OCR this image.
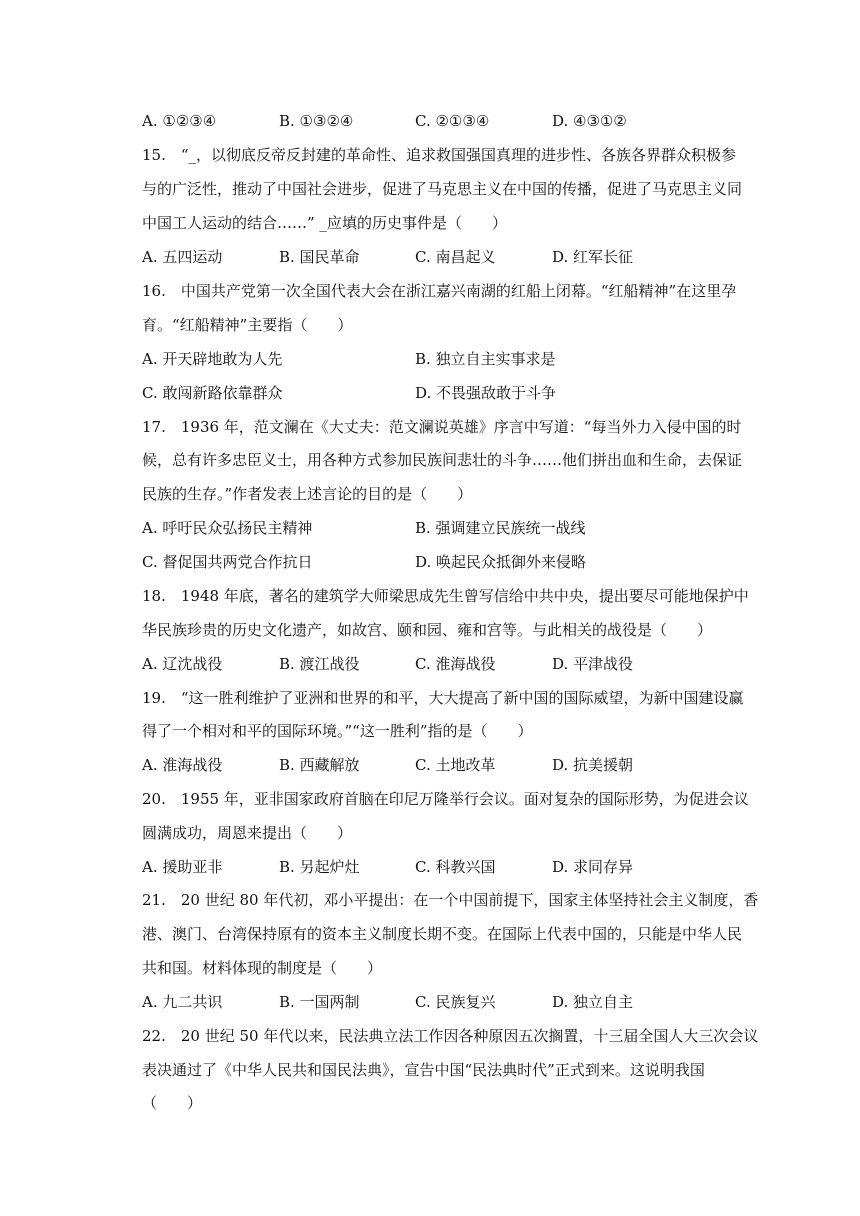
A. ①②③④	B. ①③②④	C. ②①③④	D. ④③①②
15.　“_，以彻底反帝反封建的革命性、追求救国强国真理的进步性、各族各界群众积极参
与的广泛性，推动了中国社会进步，促进了马克思主义在中国的传播，促进了马克思主义同
中国工人运动的结合……” _应填的历史事件是（　　）
A. 五四运动	B. 国民革命	C. 南昌起义	D. 红军长征
16.　中国共产党第一次全国代表大会在浙江嘉兴南湖的红船上闭幕。“红船精神”在这里孕
育。“红船精神”主要指（　　）
A. 开天辟地敢为人先	B. 独立自主实事求是
C. 敢闯新路依靠群众	D. 不畏强敌敢于斗争
17.　1936 年，范文澜在《大丈夫：范文澜说英雄》序言中写道：“每当外力入侵中国的时
候，总有许多忠臣义士，用各种方式参加民族间悲壮的斗争……他们拼出血和生命，去保证
民族的生存。”作者发表上述言论的目的是（　　）
A. 呼吁民众弘扬民主精神	B. 强调建立民族统一战线
C. 督促国共两党合作抗日	D. 唤起民众抵御外来侵略
18.　1948 年底，著名的建筑学大师梁思成先生曾写信给中共中央，提出要尽可能地保护中
华民族珍贵的历史文化遗产，如故宫、颐和园、雍和宫等。与此相关的战役是（　　）
A. 辽沈战役	B. 渡江战役	C. 淮海战役	D. 平津战役
19.　“这一胜利维护了亚洲和世界的和平，大大提高了新中国的国际威望，为新中国建设赢
得了一个相对和平的国际环境。”“这一胜利”指的是（　　）
A. 淮海战役	B. 西藏解放	C. 土地改革	D. 抗美援朝
20.　1955 年，亚非国家政府首脑在印尼万隆举行会议。面对复杂的国际形势，为促进会议
圆满成功，周恩来提出（　　）
A. 援助亚非	B. 另起炉灶	C. 科教兴国	D. 求同存异
21.　20 世纪 80 年代初，邓小平提出：在一个中国前提下，国家主体坚持社会主义制度，香
港、澳门、台湾保持原有的资本主义制度长期不变。在国际上代表中国的，只能是中华人民
共和国。材料体现的制度是（　　）
A. 九二共识	B. 一国两制	C. 民族复兴	D. 独立自主
22.　20 世纪 50 年代以来，民法典立法工作因各种原因五次搁置，十三届全国人大三次会议
表决通过了《中华人民共和国民法典》，宣告中国“民法典时代”正式到来。这说明我国
（　　）
